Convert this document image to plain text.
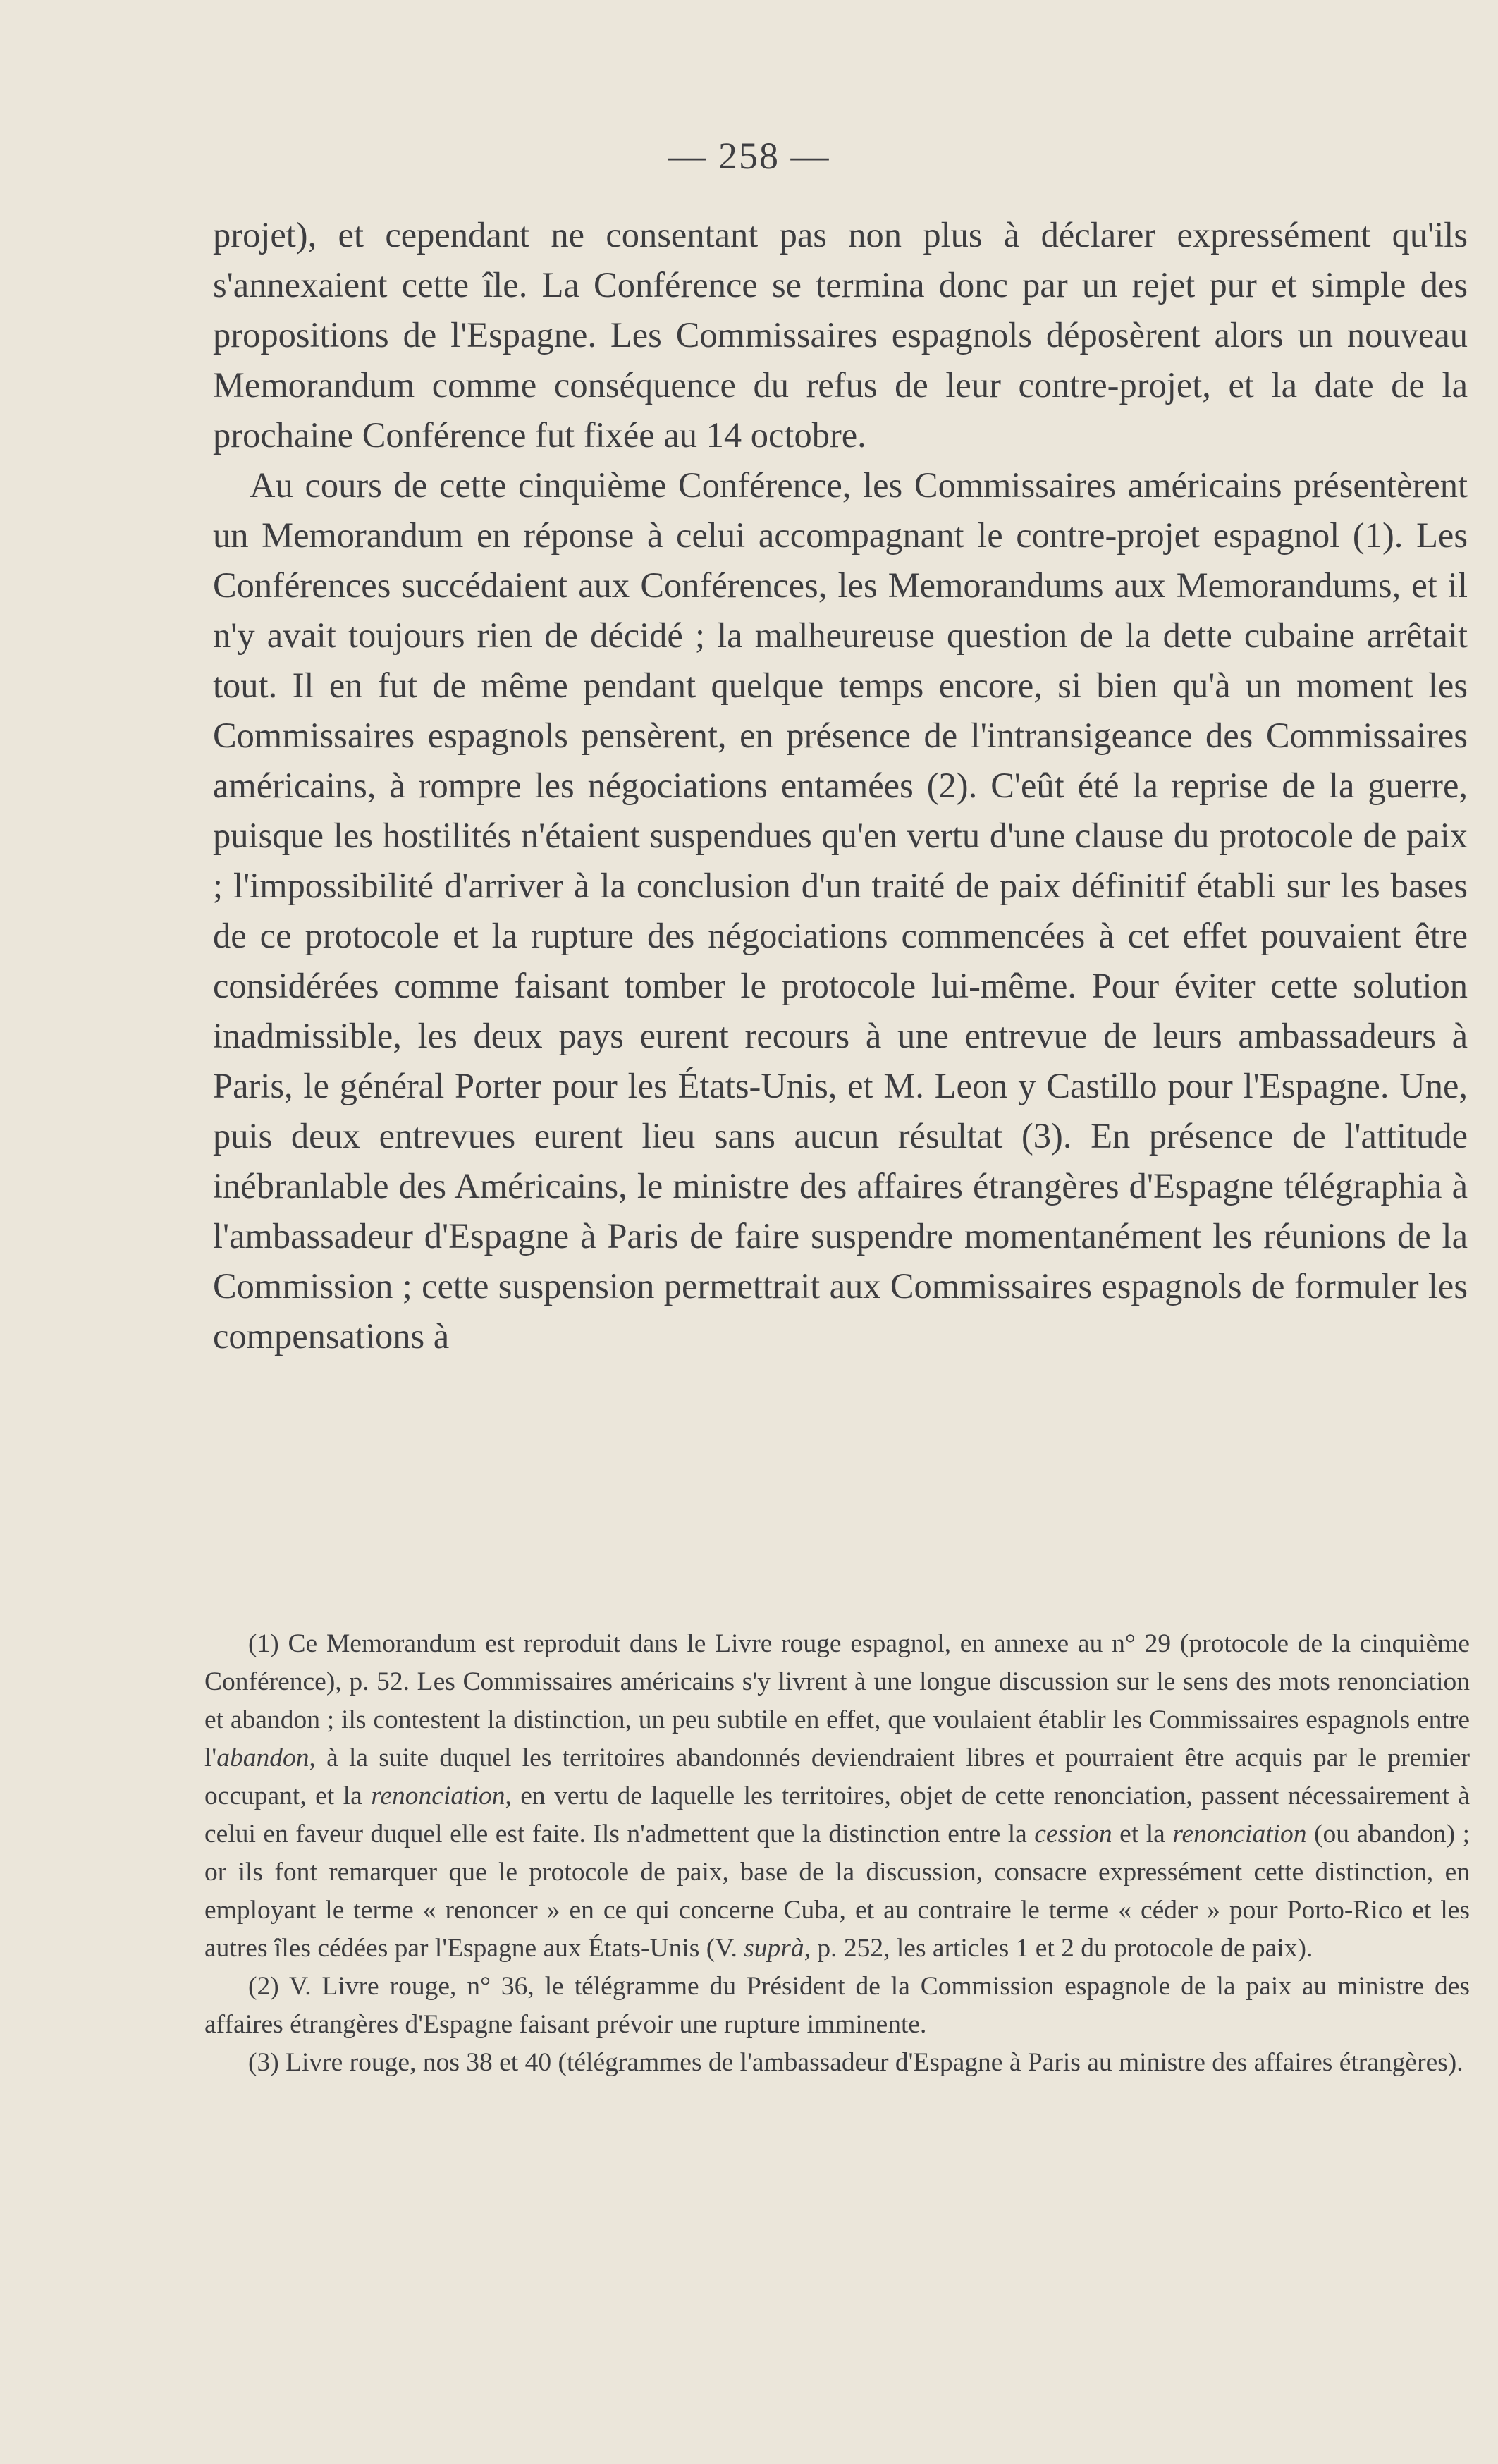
— 258 —

projet), et cependant ne consentant pas non plus à déclarer expressément qu'ils s'annexaient cette île. La Conférence se termina donc par un rejet pur et simple des propositions de l'Espagne. Les Commissaires espagnols déposèrent alors un nouveau Memorandum comme conséquence du refus de leur contre-projet, et la date de la prochaine Conférence fut fixée au 14 octobre.

Au cours de cette cinquième Conférence, les Commissaires américains présentèrent un Memorandum en réponse à celui accompagnant le contre-projet espagnol (1). Les Conférences succédaient aux Conférences, les Memorandums aux Memorandums, et il n'y avait toujours rien de décidé ; la malheureuse question de la dette cubaine arrêtait tout. Il en fut de même pendant quelque temps encore, si bien qu'à un moment les Commissaires espagnols pensèrent, en présence de l'intransigeance des Commissaires américains, à rompre les négociations entamées (2). C'eût été la reprise de la guerre, puisque les hostilités n'étaient suspendues qu'en vertu d'une clause du protocole de paix ; l'impossibilité d'arriver à la conclusion d'un traité de paix définitif établi sur les bases de ce protocole et la rupture des négociations commencées à cet effet pouvaient être considérées comme faisant tomber le protocole lui-même. Pour éviter cette solution inadmissible, les deux pays eurent recours à une entrevue de leurs ambassadeurs à Paris, le général Porter pour les États-Unis, et M. Leon y Castillo pour l'Espagne. Une, puis deux entrevues eurent lieu sans aucun résultat (3). En présence de l'attitude inébranlable des Américains, le ministre des affaires étrangères d'Espagne télégraphia à l'ambassadeur d'Espagne à Paris de faire suspendre momentanément les réunions de la Commission ; cette suspension permettrait aux Commissaires espagnols de formuler les compensations à

(1) Ce Memorandum est reproduit dans le Livre rouge espagnol, en annexe au n° 29 (protocole de la cinquième Conférence), p. 52. Les Commissaires américains s'y livrent à une longue discussion sur le sens des mots renonciation et abandon ; ils contestent la distinction, un peu subtile en effet, que voulaient établir les Commissaires espagnols entre l'abandon, à la suite duquel les territoires abandonnés deviendraient libres et pourraient être acquis par le premier occupant, et la renonciation, en vertu de laquelle les territoires, objet de cette renonciation, passent nécessairement à celui en faveur duquel elle est faite. Ils n'admettent que la distinction entre la cession et la renonciation (ou abandon) ; or ils font remarquer que le protocole de paix, base de la discussion, consacre expressément cette distinction, en employant le terme « renoncer » en ce qui concerne Cuba, et au contraire le terme « céder » pour Porto-Rico et les autres îles cédées par l'Espagne aux États-Unis (V. suprà, p. 252, les articles 1 et 2 du protocole de paix).

(2) V. Livre rouge, n° 36, le télégramme du Président de la Commission espagnole de la paix au ministre des affaires étrangères d'Espagne faisant prévoir une rupture imminente.

(3) Livre rouge, nos 38 et 40 (télégrammes de l'ambassadeur d'Espagne à Paris au ministre des affaires étrangères).
